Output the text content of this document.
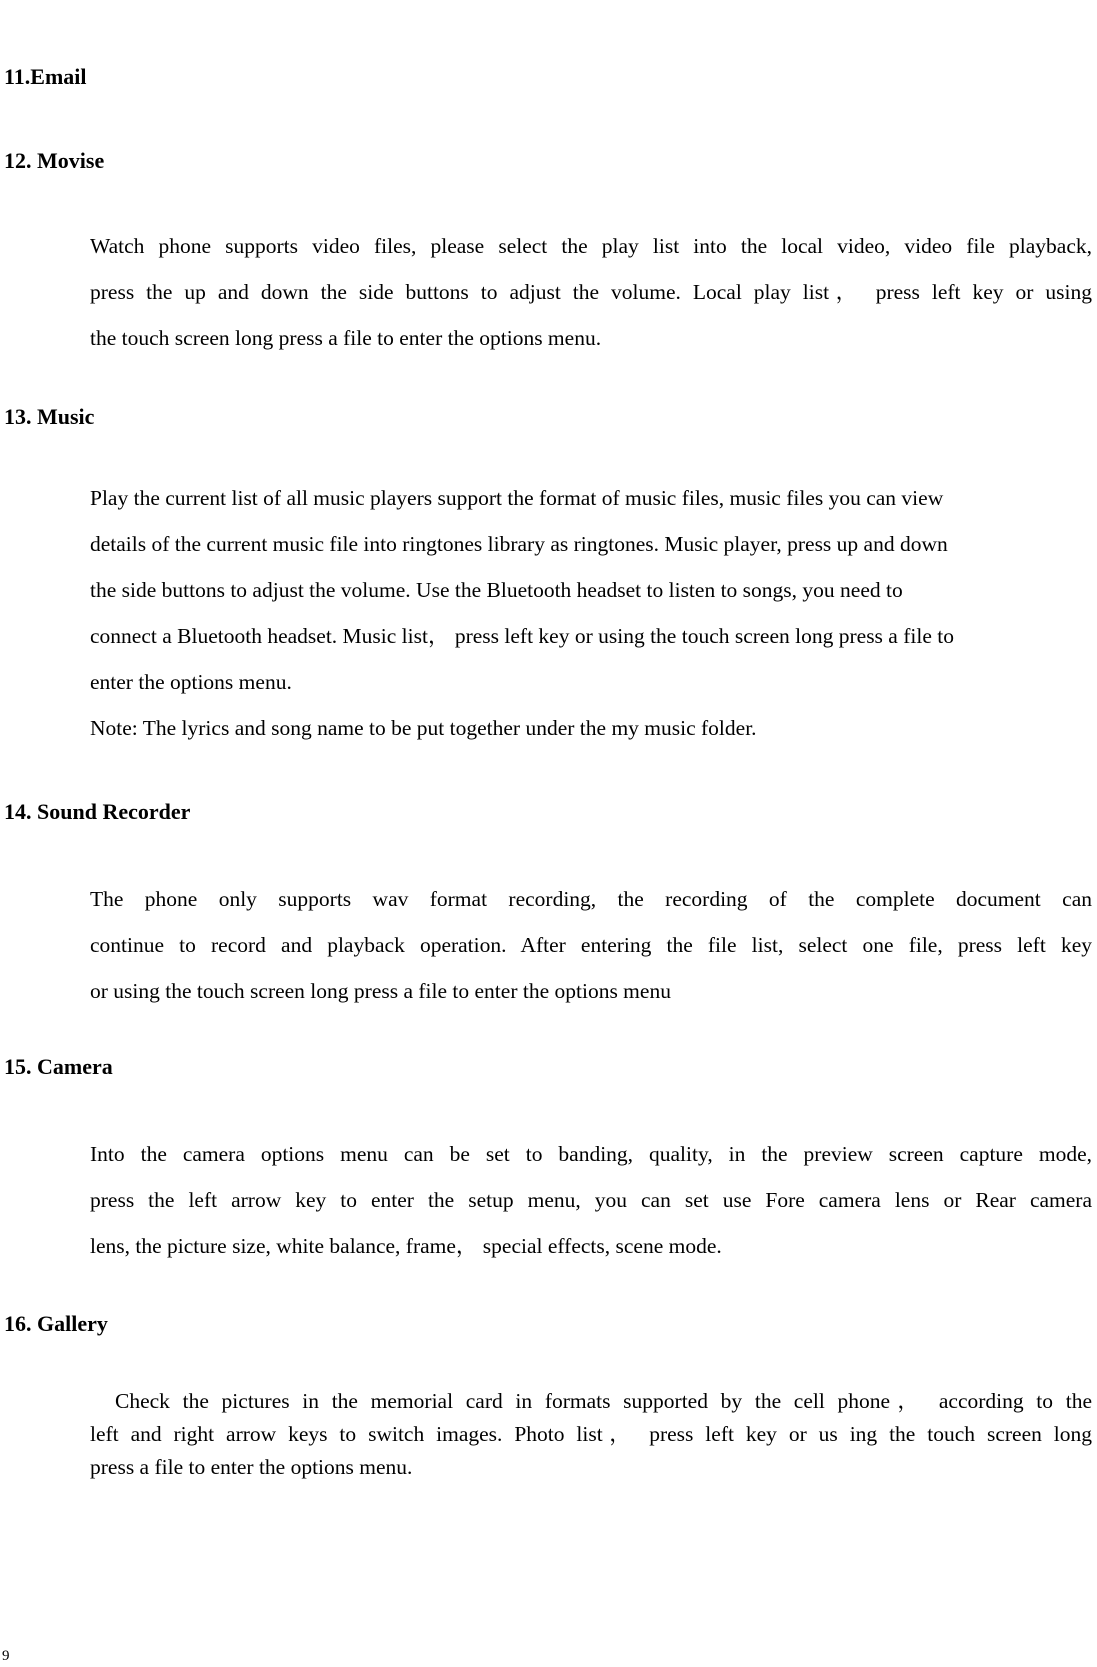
11.Email
12. Movise
Watch phone supports video files, please select the play list into the local video, video file playback,
press the up and down the side buttons to adjust the volume. Local play list， press left key or using
the touch screen long press a file to enter the options menu.
13. Music
Play the current list of all music players support the format of music files, music files you can view
details of the current music file into ringtones library as ringtones. Music player, press up and down
the side buttons to adjust the volume. Use the Bluetooth headset to listen to songs, you need to
connect a Bluetooth headset. Music list， press left key or using the touch screen long press a file to
enter the options menu.
Note: The lyrics and song name to be put together under the my music folder.
14. Sound Recorder
The phone only supports wav format recording, the recording of the complete document can
continue to record and playback operation. After entering the file list, select one file, press left key
or using the touch screen long press a file to enter the options menu
15. Camera
Into the camera options menu can be set to banding, quality, in the preview screen capture mode,
press the left arrow key to enter the setup menu, you can set use Fore camera lens or Rear camera
lens, the picture size, white balance, frame， special effects, scene mode.
16. Gallery
Check the pictures in the memorial card in formats supported by the cell phone， according to the
left and right arrow keys to switch images. Photo list， press left key or us ing the touch screen long
press a file to enter the options menu.

9
